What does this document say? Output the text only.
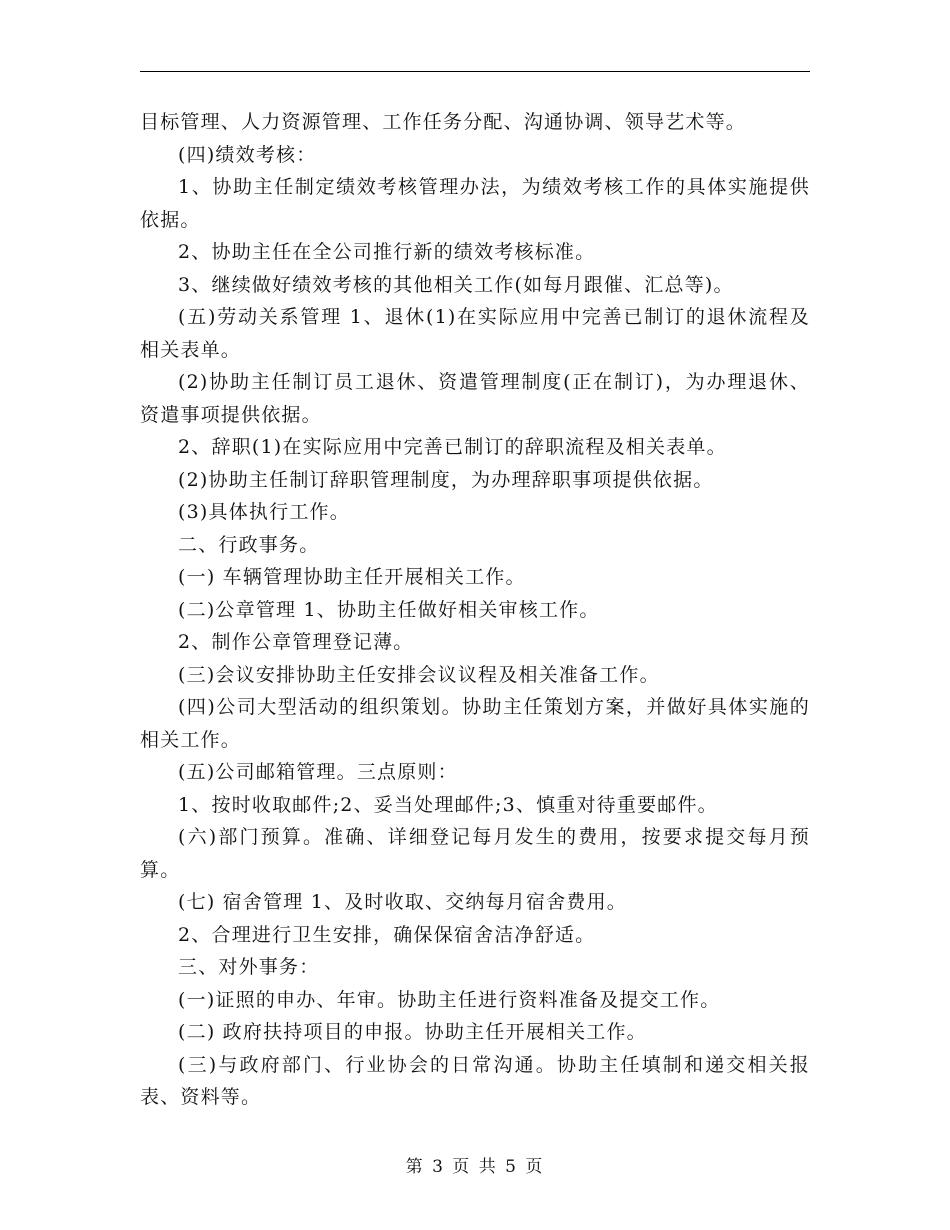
目标管理、人力资源管理、工作任务分配、沟通协调、领导艺术等。

(四)绩效考核：

1、协助主任制定绩效考核管理办法，为绩效考核工作的具体实施提供依据。

2、协助主任在全公司推行新的绩效考核标准。

3、继续做好绩效考核的其他相关工作(如每月跟催、汇总等)。

(五)劳动关系管理 1、退休(1)在实际应用中完善已制订的退休流程及相关表单。

(2)协助主任制订员工退休、资遣管理制度(正在制订)，为办理退休、资遣事项提供依据。

2、辞职(1)在实际应用中完善已制订的辞职流程及相关表单。

(2)协助主任制订辞职管理制度，为办理辞职事项提供依据。

(3)具体执行工作。

二、行政事务。

(一) 车辆管理协助主任开展相关工作。

(二)公章管理 1、协助主任做好相关审核工作。

2、制作公章管理登记薄。

(三)会议安排协助主任安排会议议程及相关准备工作。

(四)公司大型活动的组织策划。协助主任策划方案，并做好具体实施的相关工作。

(五)公司邮箱管理。三点原则：

1、按时收取邮件;2、妥当处理邮件;3、慎重对待重要邮件。

(六)部门预算。准确、详细登记每月发生的费用，按要求提交每月预算。

(七) 宿舍管理 1、及时收取、交纳每月宿舍费用。

2、合理进行卫生安排，确保保宿舍洁净舒适。

三、对外事务：

(一)证照的申办、年审。协助主任进行资料准备及提交工作。

(二) 政府扶持项目的申报。协助主任开展相关工作。

(三)与政府部门、行业协会的日常沟通。协助主任填制和递交相关报表、资料等。

第 3 页 共 5 页
